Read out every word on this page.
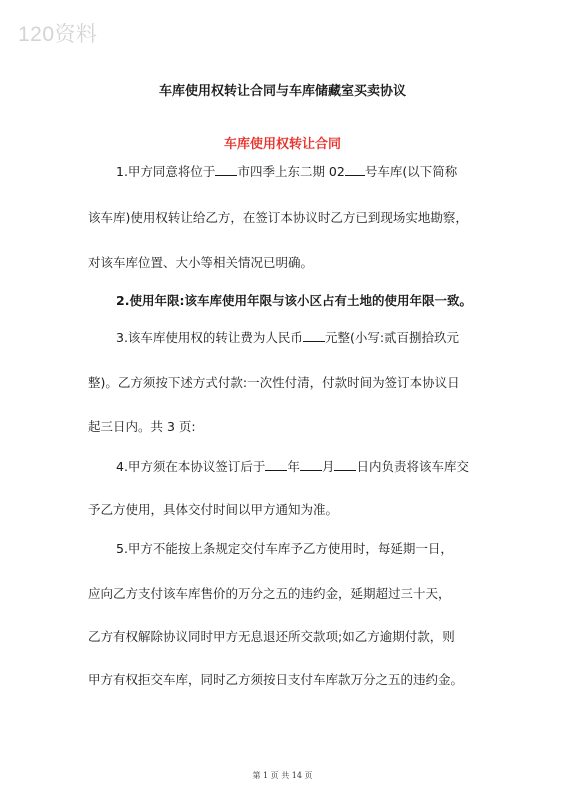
120资料
车库使用权转让合同与车库储藏室买卖协议
车库使用权转让合同
1.甲方同意将位于 市四季上东二期 02 号车库(以下简称
该车库)使用权转让给乙方，在签订本协议时乙方已到现场实地勘察，
对该车库位置、大小等相关情况已明确。
2.使用年限:该车库使用年限与该小区占有土地的使用年限一致。
3.该车库使用权的转让费为人民币 元整(小写:贰百捌拾玖元
整)。乙方须按下述方式付款:一次性付清，付款时间为签订本协议日
起三日内。共 3 页:
4.甲方须在本协议签订后于 年 月 日内负责将该车库交
予乙方使用，具体交付时间以甲方通知为准。
5.甲方不能按上条规定交付车库予乙方使用时，每延期一日，
应向乙方支付该车库售价的万分之五的违约金，延期超过三十天，
乙方有权解除协议同时甲方无息退还所交款项;如乙方逾期付款，则
甲方有权拒交车库，同时乙方须按日支付车库款万分之五的违约金。
第 1 页 共 14 页
